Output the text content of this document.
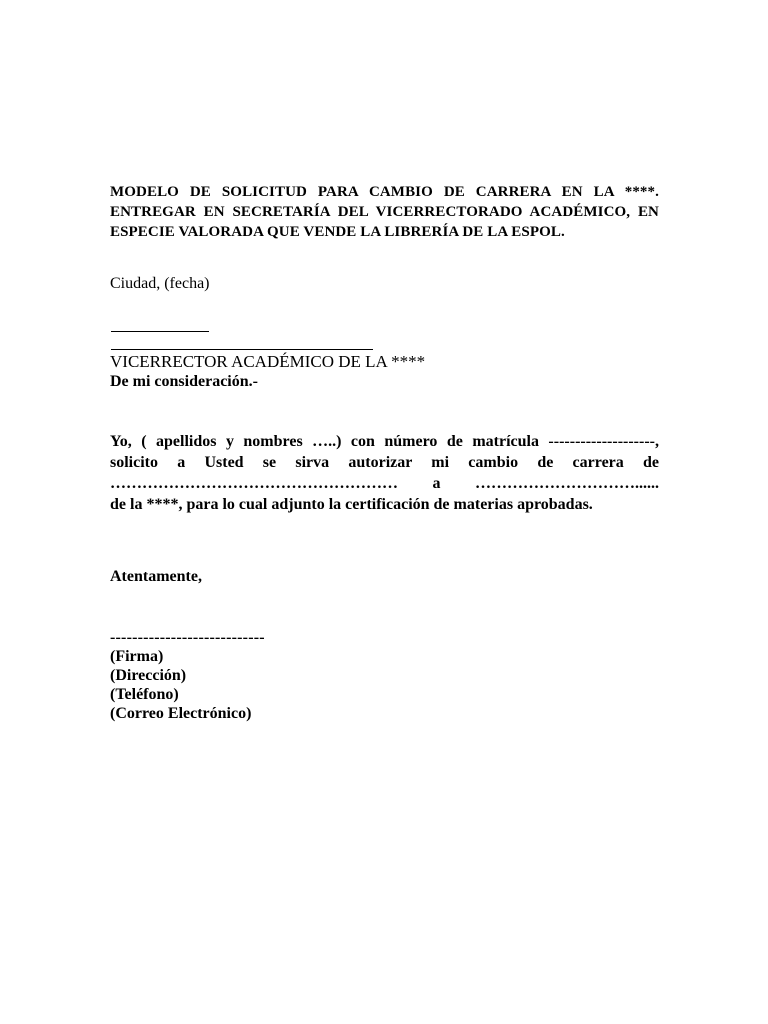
MODELO DE SOLICITUD PARA CAMBIO DE CARRERA EN LA ****.
ENTREGAR EN SECRETARÍA DEL VICERRECTORADO ACADÉMICO, EN
ESPECIE VALORADA QUE VENDE LA LIBRERÍA DE LA ESPOL.
Ciudad, (fecha)
VICERRECTOR ACADÉMICO DE LA ****
De mi consideración.-
Yo, ( apellidos y nombres …..) con número de matrícula --------------------,
solicito a Usted se sirva autorizar mi cambio de carrera de
……………………………………………… a …………………………......
de la ****, para lo cual adjunto la certificación de materias aprobadas.
Atentamente,
----------------------------
(Firma)
(Dirección)
(Teléfono)
(Correo Electrónico)
